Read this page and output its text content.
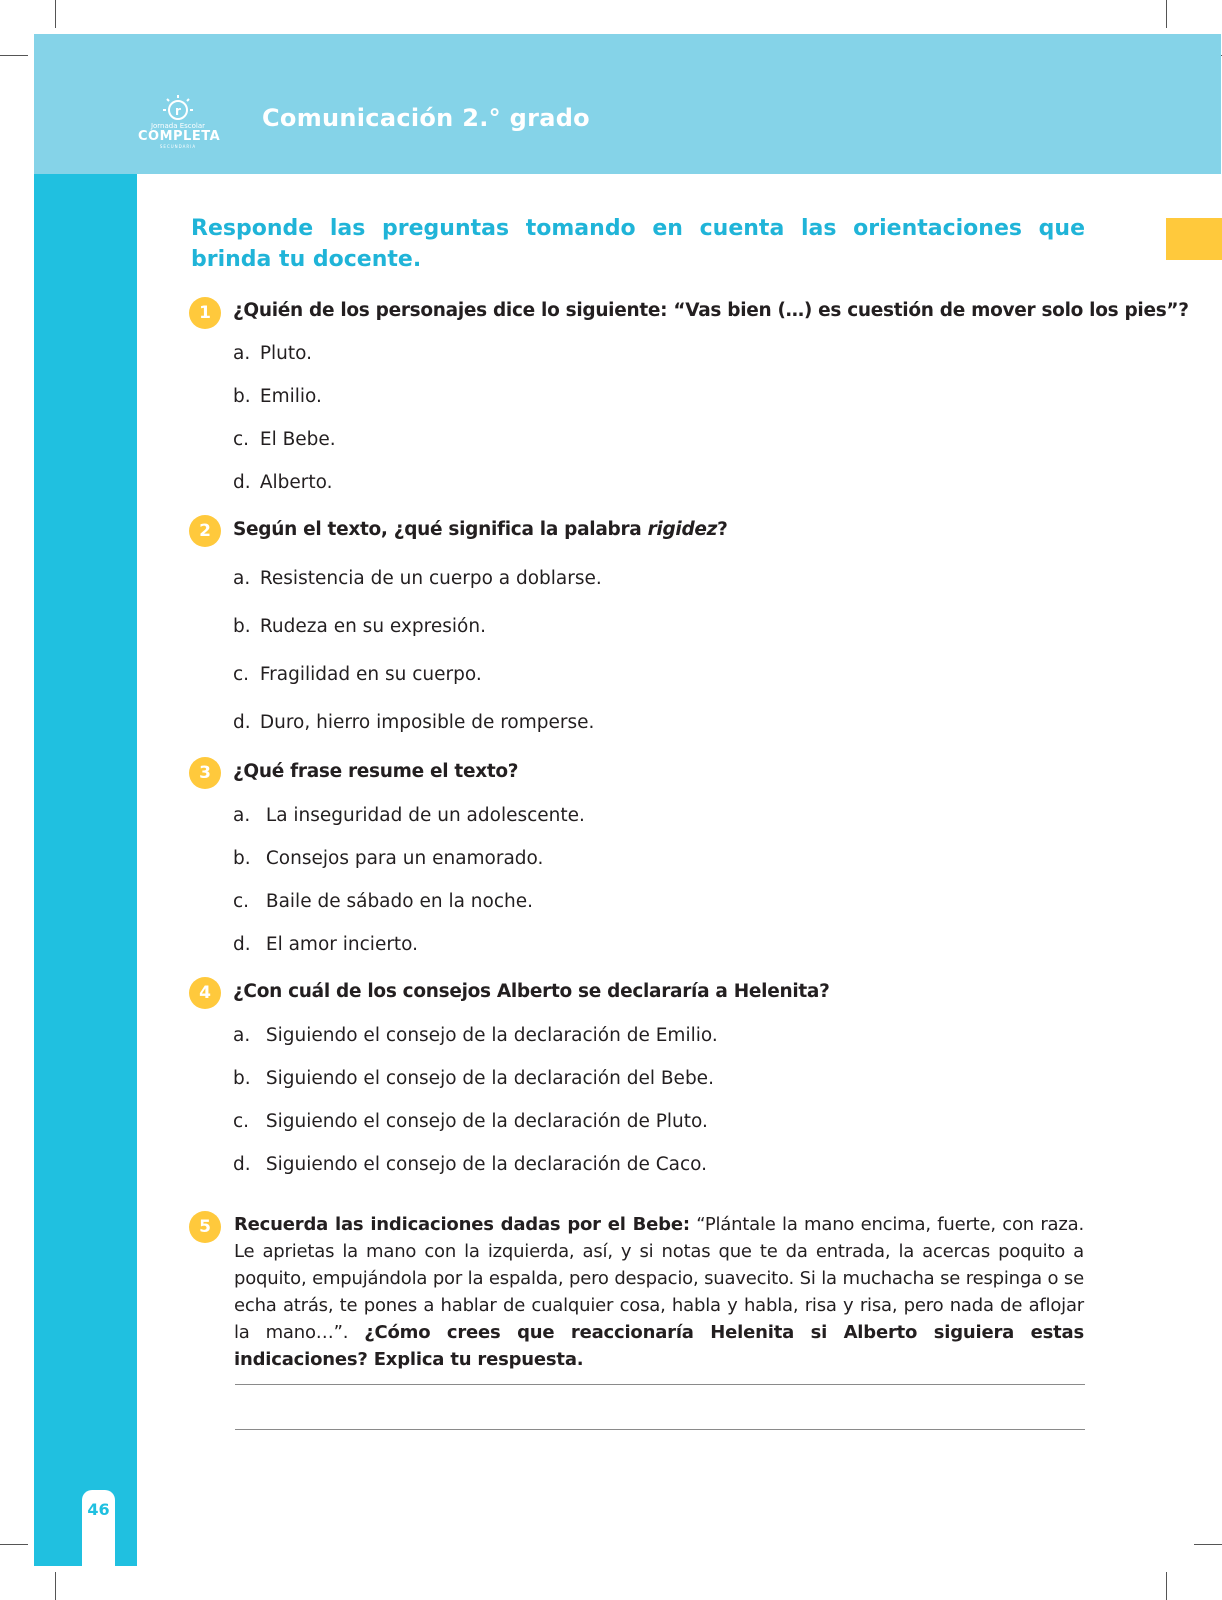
r
Jornada Escolar
COMPLETA
SECUNDARIA
Comunicación 2.° grado
46
Responde las preguntas tomando en cuenta las orientaciones que brinda tu docente.
1	¿Quién de los personajes dice lo siguiente: “Vas bien (…) es cuestión de mover solo los pies”?
a. Pluto.
b. Emilio.
c. El Bebe.
d. Alberto.
2	Según el texto, ¿qué significa la palabra rigidez?
a. Resistencia de un cuerpo a doblarse.
b. Rudeza en su expresión.
c. Fragilidad en su cuerpo.
d. Duro, hierro imposible de romperse.
3	¿Qué frase resume el texto?
a. La inseguridad de un adolescente.
b. Consejos para un enamorado.
c. Baile de sábado en la noche.
d. El amor incierto.
4	¿Con cuál de los consejos Alberto se declararía a Helenita?
a. Siguiendo el consejo de la declaración de Emilio.
b. Siguiendo el consejo de la declaración del Bebe.
c. Siguiendo el consejo de la declaración de Pluto.
d. Siguiendo el consejo de la declaración de Caco.
5	Recuerda las indicaciones dadas por el Bebe: “Plántale la mano encima, fuerte, con raza. Le aprietas la mano con la izquierda, así, y si notas que te da entrada, la acercas poquito a poquito, empujándola por la espalda, pero despacio, suavecito. Si la muchacha se respinga o se echa atrás, te pones a hablar de cualquier cosa, habla y habla, risa y risa, pero nada de aflojar la mano…”. ¿Cómo crees que reaccionaría Helenita si Alberto siguiera estas indicaciones? Explica tu respuesta.
